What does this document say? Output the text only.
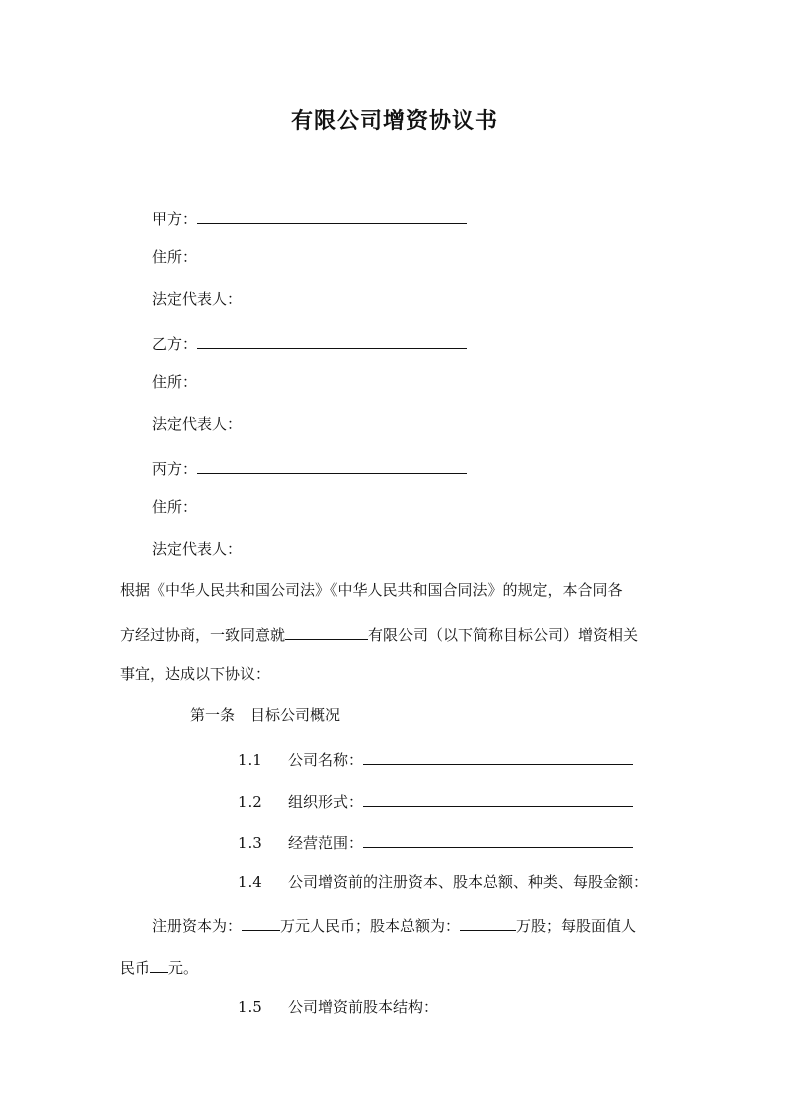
有限公司增资协议书
甲方：
住所：
法定代表人：
乙方：
住所：
法定代表人：
丙方：
住所：
法定代表人：
根据《中华人民共和国公司法》《中华人民共和国合同法》的规定，本合同各
方经过协商，一致同意就	有限公司（以下简称目标公司）增资相关
事宜，达成以下协议：
第一条　目标公司概况
1.1 公司名称：
1.2 组织形式：
1.3 经营范围：
1.4 公司增资前的注册资本、股本总额、种类、每股金额：
注册资本为：	万元人民币；股本总额为：	万股；每股面值人
民币 元。
1.5 公司增资前股本结构：
